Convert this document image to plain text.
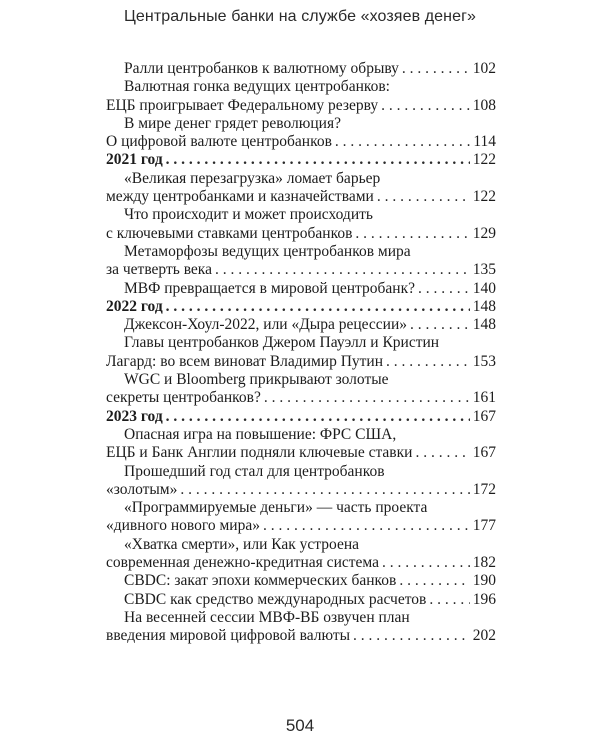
Центральные банки на службе «хозяев денег»
Ралли центробанков к валютному обрыву . . .	102
Валютная гонка ведущих центробанков:
ЕЦБ проигрывает Федеральному резерву . . .	108
В мире денег грядет революция?
О цифровой валюте центробанков . . .	114
2021 год . . .	122
«Великая перезагрузка» ломает барьер
между центробанками и казначействами . . .	122
Что происходит и может происходить
с ключевыми ставками центробанков . . .	129
Метаморфозы ведущих центробанков мира
за четверть века . . .	135
МВФ превращается в мировой центробанк? . . .	140
2022 год . . .	148
Джексон-Хоул-2022, или «Дыра рецессии» . . .	148
Главы центробанков Джером Пауэлл и Кристин
Лагард: во всем виноват Владимир Путин . . .	153
WGC и Bloomberg прикрывают золотые
секреты центробанков? . . .	161
2023 год . . .	167
Опасная игра на повышение: ФРС США,
ЕЦБ и Банк Англии подняли ключевые ставки . . .	167
Прошедший год стал для центробанков
«золотым» . . .	172
«Программируемые деньги» — часть проекта
«дивного нового мира» . . .	177
«Хватка смерти», или Как устроена
современная денежно-кредитная система . . .	182
CBDC: закат эпохи коммерческих банков . . .	190
CBDC как средство международных расчетов . . .	196
На весенней сессии МВФ-ВБ озвучен план
введения мировой цифровой валюты . . .	202
504
